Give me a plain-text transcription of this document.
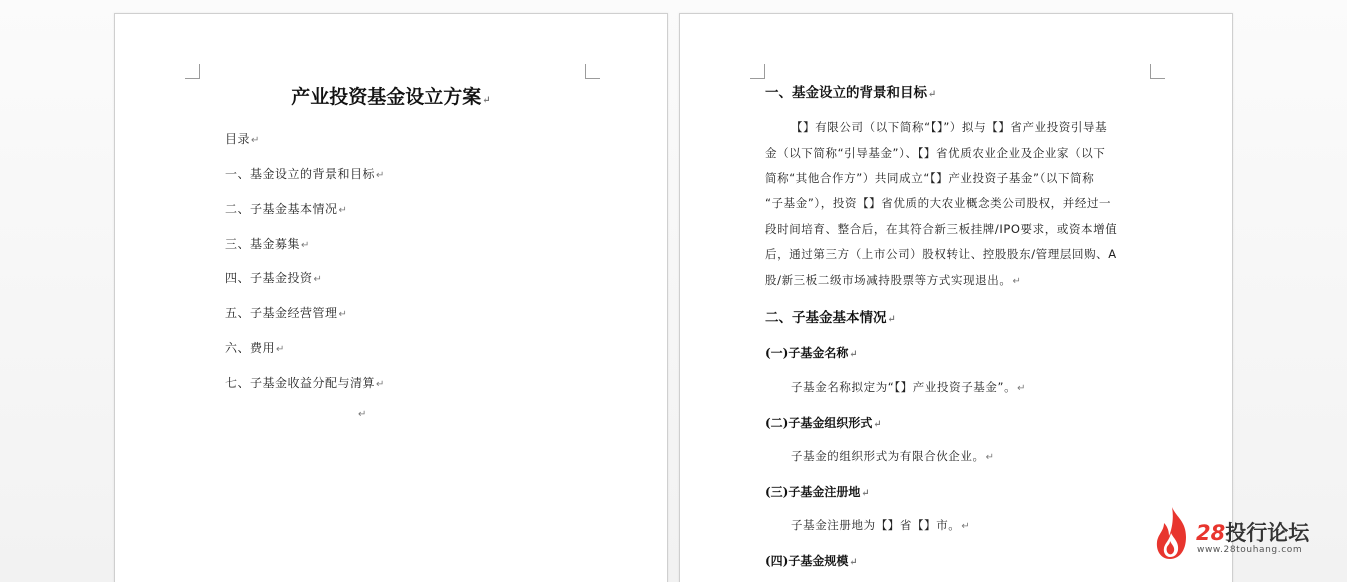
产业投资基金设立方案↵
目录↵
一、基金设立的背景和目标↵
二、子基金基本情况↵
三、基金募集↵
四、子基金投资↵
五、子基金经营管理↵
六、费用↵
七、子基金收益分配与清算↵
↵
一、基金设立的背景和目标↵
【】有限公司（以下简称“【】”）拟与【】省产业投资引导基
金（以下简称“引导基金”）、【】省优质农业企业及企业家（以下
简称“其他合作方”）共同成立“【】产业投资子基金”（以下简称
“子基金”），投资【】省优质的大农业概念类公司股权，并经过一
段时间培育、整合后，在其符合新三板挂牌/IPO要求，或资本增值
后，通过第三方（上市公司）股权转让、控股股东/管理层回购、A
股/新三板二级市场减持股票等方式实现退出。↵
二、子基金基本情况↵
(一)子基金名称↵
子基金名称拟定为“【】产业投资子基金”。↵
(二)子基金组织形式↵
子基金的组织形式为有限合伙企业。↵
(三)子基金注册地↵
子基金注册地为【】省【】市。↵
(四)子基金规模↵
28投行论坛
www.28touhang.com
